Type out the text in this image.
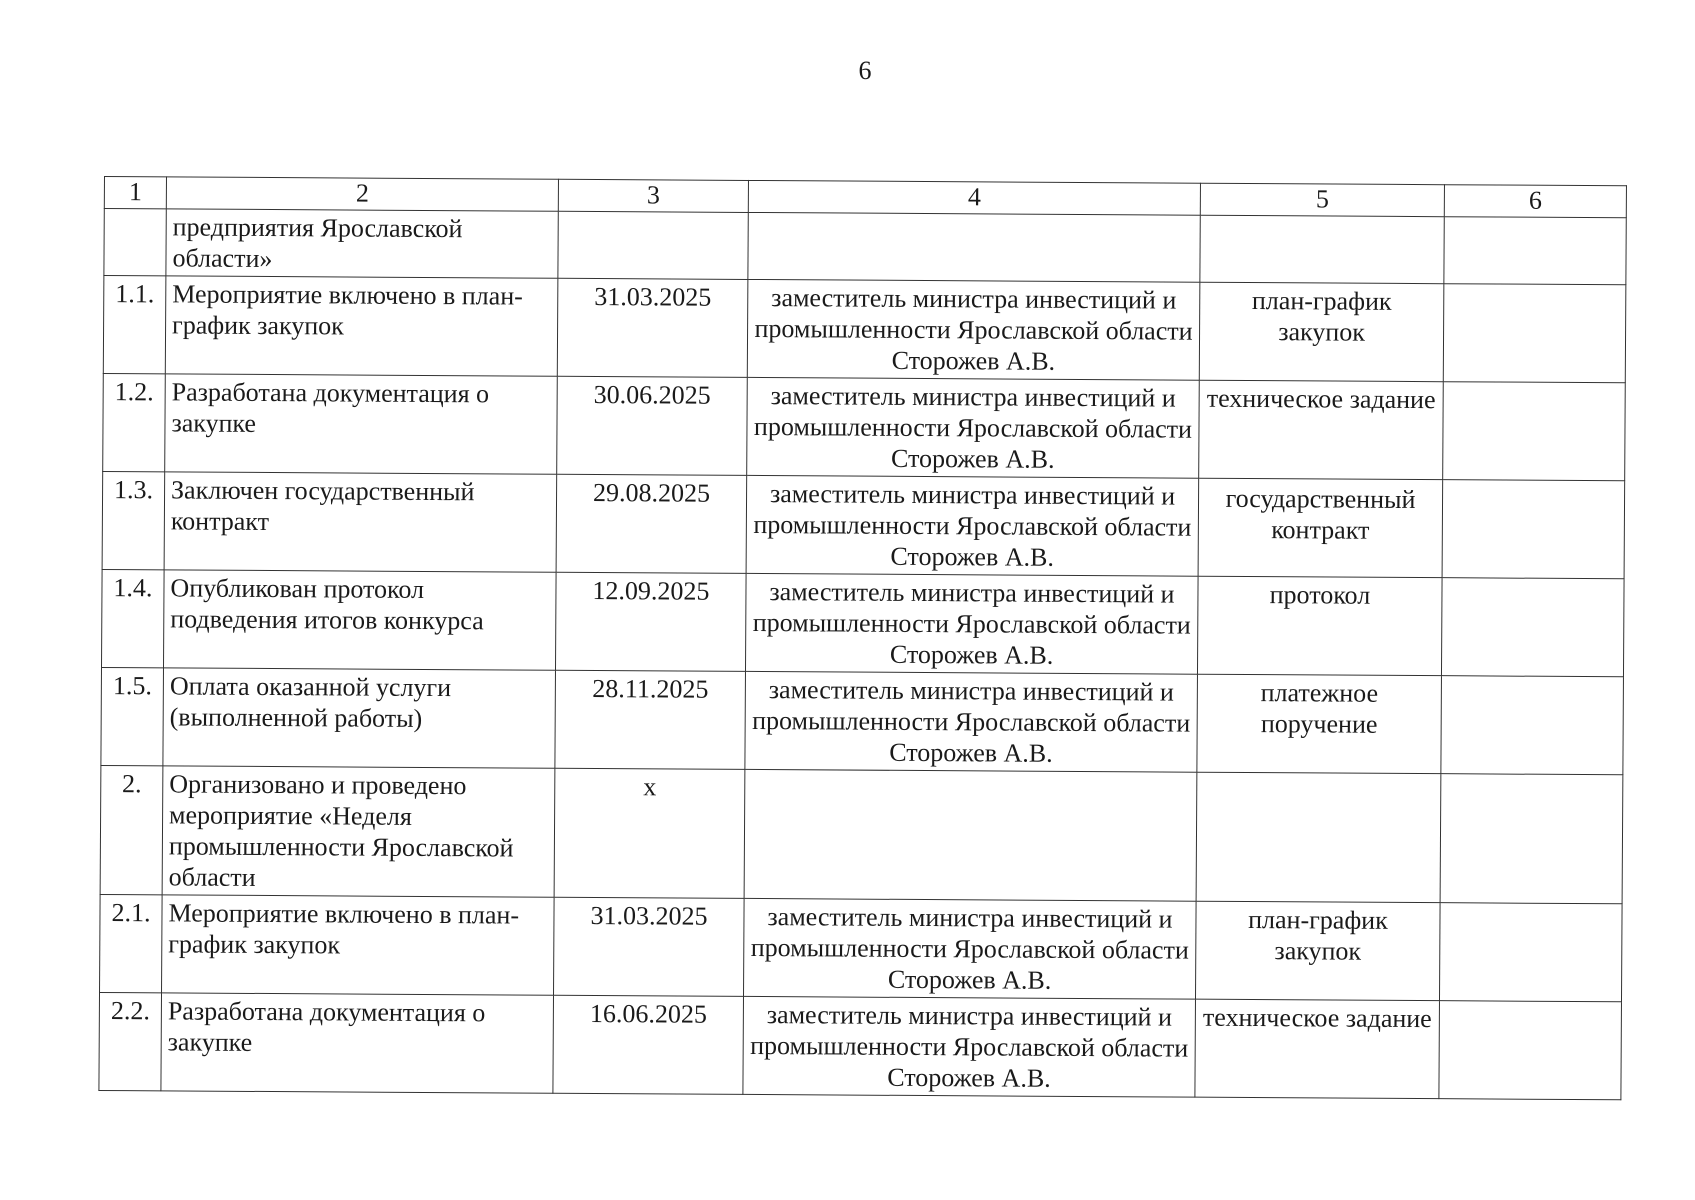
6
1	2	3	4	5	6
	предприятия Ярославской области»				
1.1.	Мероприятие включено в план-график закупок	31.03.2025	заместитель министра инвестиций и промышленности Ярославской области Сторожев А.В.	план-график закупок	
1.2.	Разработана документация о закупке	30.06.2025	заместитель министра инвестиций и промышленности Ярославской области Сторожев А.В.	техническое задание	
1.3.	Заключен государственный контракт	29.08.2025	заместитель министра инвестиций и промышленности Ярославской области Сторожев А.В.	государственный контракт	
1.4.	Опубликован протокол подведения итогов конкурса	12.09.2025	заместитель министра инвестиций и промышленности Ярославской области Сторожев А.В.	протокол	
1.5.	Оплата оказанной услуги (выполненной работы)	28.11.2025	заместитель министра инвестиций и промышленности Ярославской области Сторожев А.В.	платежное поручение	
2.	Организовано и проведено мероприятие «Неделя промышленности Ярославской области	x			
2.1.	Мероприятие включено в план-график закупок	31.03.2025	заместитель министра инвестиций и промышленности Ярославской области Сторожев А.В.	план-график закупок	
2.2.	Разработана документация о закупке	16.06.2025	заместитель министра инвестиций и промышленности Ярославской области Сторожев А.В.	техническое задание	
